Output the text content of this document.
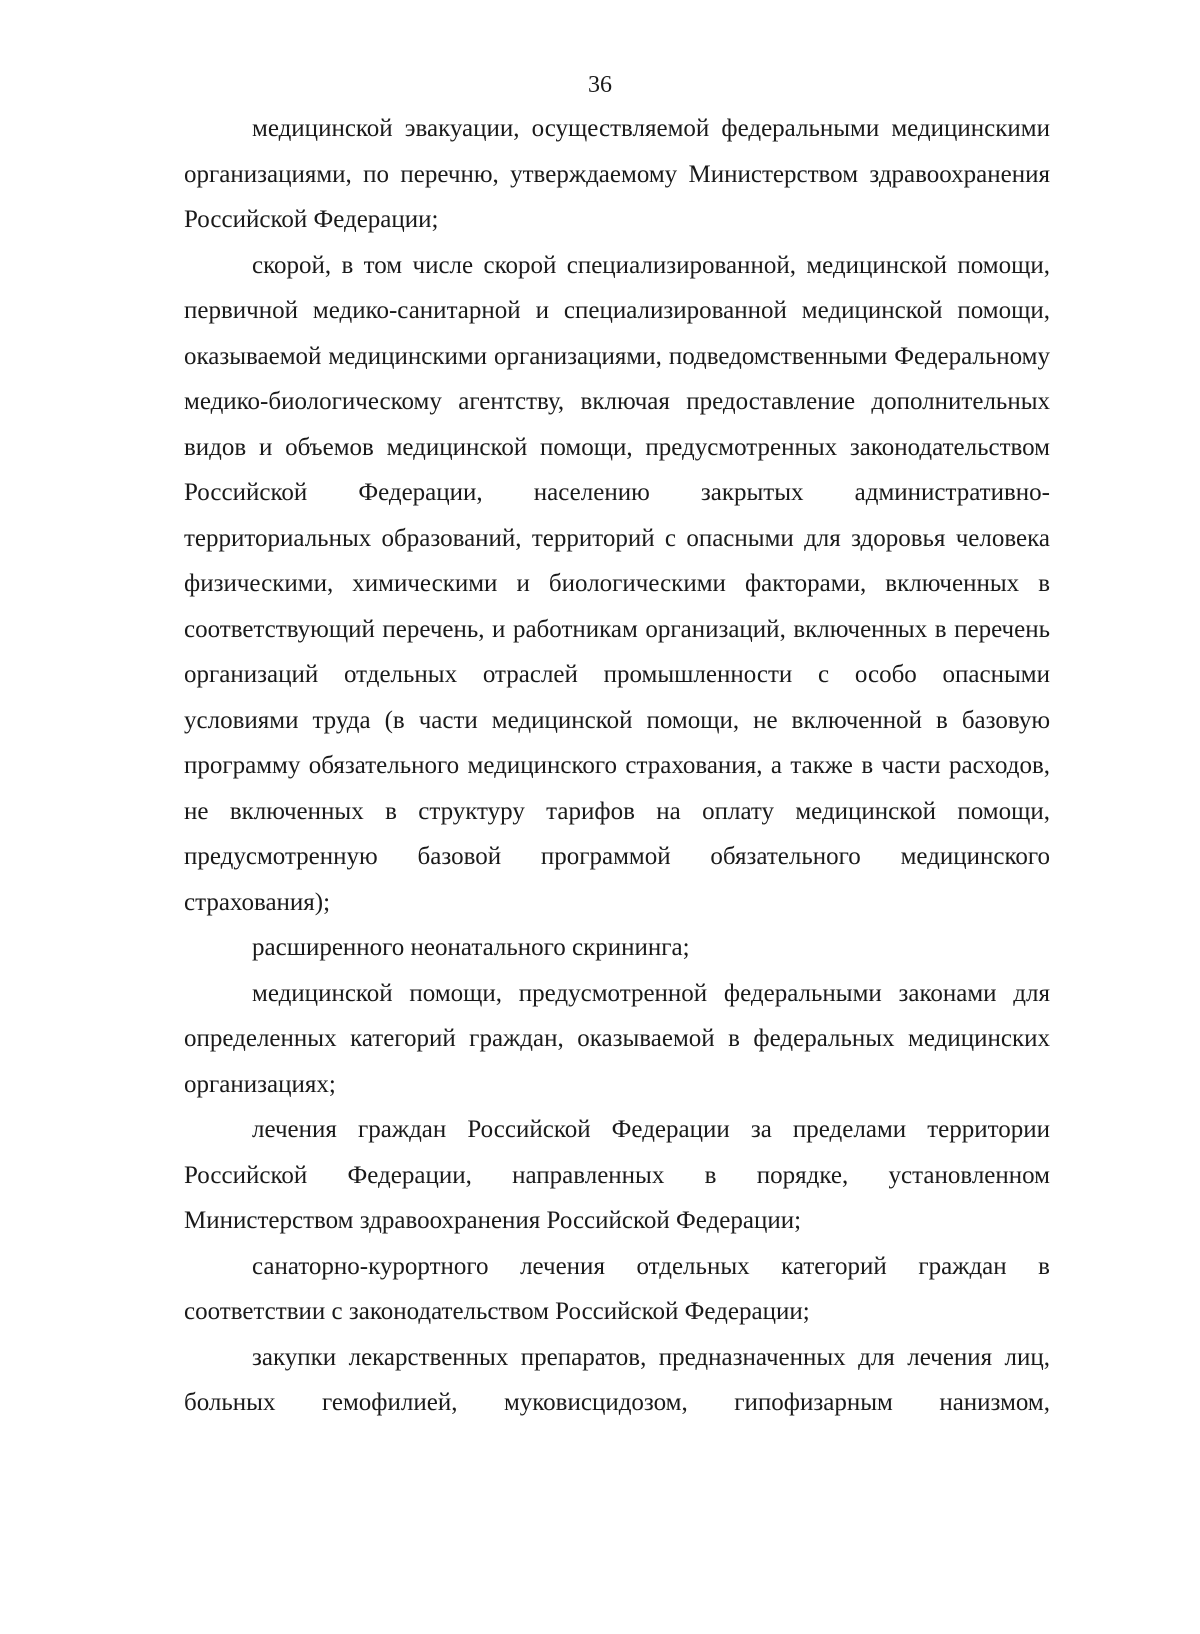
36

медицинской эвакуации, осуществляемой федеральными медицинскими организациями, по перечню, утверждаемому Министерством здравоохранения Российской Федерации;

скорой, в том числе скорой специализированной, медицинской помощи, первичной медико-санитарной и специализированной медицинской помощи, оказываемой медицинскими организациями, подведомственными Федеральному медико-биологическому агентству, включая предоставление дополнительных видов и объемов медицинской помощи, предусмотренных законодательством Российской Федерации, населению закрытых административно-территориальных образований, территорий с опасными для здоровья человека физическими, химическими и биологическими факторами, включенных в соответствующий перечень, и работникам организаций, включенных в перечень организаций отдельных отраслей промышленности с особо опасными условиями труда (в части медицинской помощи, не включенной в базовую программу обязательного медицинского страхования, а также в части расходов, не включенных в структуру тарифов на оплату медицинской помощи, предусмотренную базовой программой обязательного медицинского страхования);

расширенного неонатального скрининга;

медицинской помощи, предусмотренной федеральными законами для определенных категорий граждан, оказываемой в федеральных медицинских организациях;

лечения граждан Российской Федерации за пределами территории Российской Федерации, направленных в порядке, установленном Министерством здравоохранения Российской Федерации;

санаторно-курортного лечения отдельных категорий граждан в соответствии с законодательством Российской Федерации;

закупки лекарственных препаратов, предназначенных для лечения лиц, больных гемофилией, муковисцидозом, гипофизарным нанизмом,
